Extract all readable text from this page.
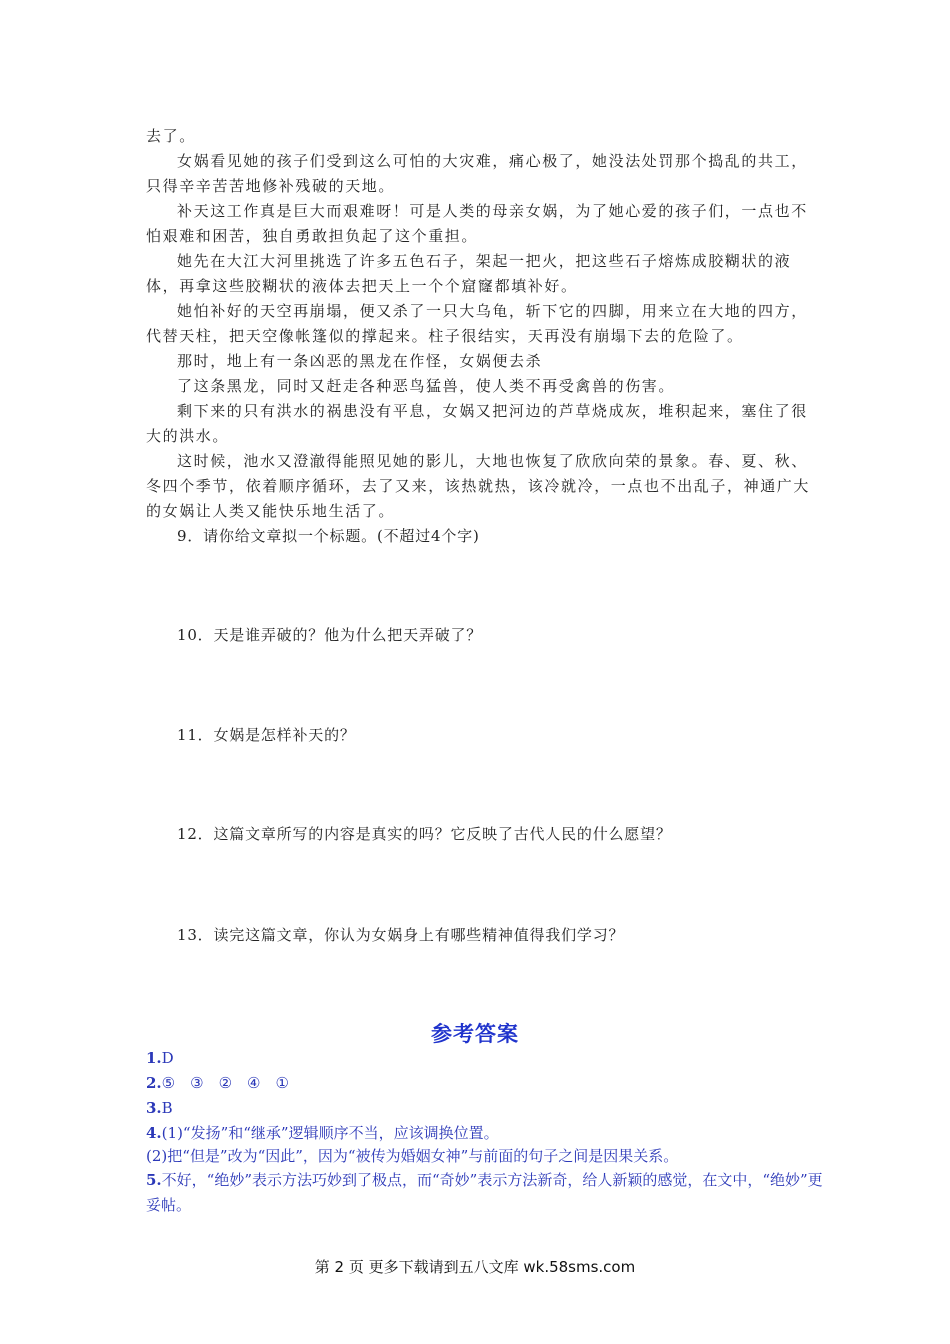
去了。

女娲看见她的孩子们受到这么可怕的大灾难，痛心极了，她没法处罚那个捣乱的共工，只得辛辛苦苦地修补残破的天地。

补天这工作真是巨大而艰难呀！可是人类的母亲女娲，为了她心爱的孩子们，一点也不怕艰难和困苦，独自勇敢担负起了这个重担。

她先在大江大河里挑选了许多五色石子，架起一把火，把这些石子熔炼成胶糊状的液体，再拿这些胶糊状的液体去把天上一个个窟窿都填补好。

她怕补好的天空再崩塌，便又杀了一只大乌龟，斩下它的四脚，用来立在大地的四方，代替天柱，把天空像帐篷似的撑起来。柱子很结实，天再没有崩塌下去的危险了。

那时，地上有一条凶恶的黑龙在作怪，女娲便去杀

了这条黑龙，同时又赶走各种恶鸟猛兽，使人类不再受禽兽的伤害。

剩下来的只有洪水的祸患没有平息，女娲又把河边的芦草烧成灰，堆积起来，塞住了很大的洪水。

这时候，池水又澄澈得能照见她的影儿，大地也恢复了欣欣向荣的景象。春、夏、秋、冬四个季节，依着顺序循环，去了又来，该热就热，该冷就冷，一点也不出乱子，神通广大的女娲让人类又能快乐地生活了。

9．请你给文章拟一个标题。(不超过4个字)

10．天是谁弄破的？他为什么把天弄破了？

11．女娲是怎样补天的？

12．这篇文章所写的内容是真实的吗？它反映了古代人民的什么愿望？

13．读完这篇文章，你认为女娲身上有哪些精神值得我们学习？

参考答案

1.D

2.⑤　③　②　④　①

3.B

4.(1)“发扬”和“继承”逻辑顺序不当，应该调换位置。

(2)把“但是”改为“因此”，因为“被传为婚姻女神”与前面的句子之间是因果关系。

5.不好，“绝妙”表示方法巧妙到了极点，而“奇妙”表示方法新奇，给人新颖的感觉，在文中，“绝妙”更妥帖。

第 2 页 更多下载请到五八文库 wk.58sms.com
